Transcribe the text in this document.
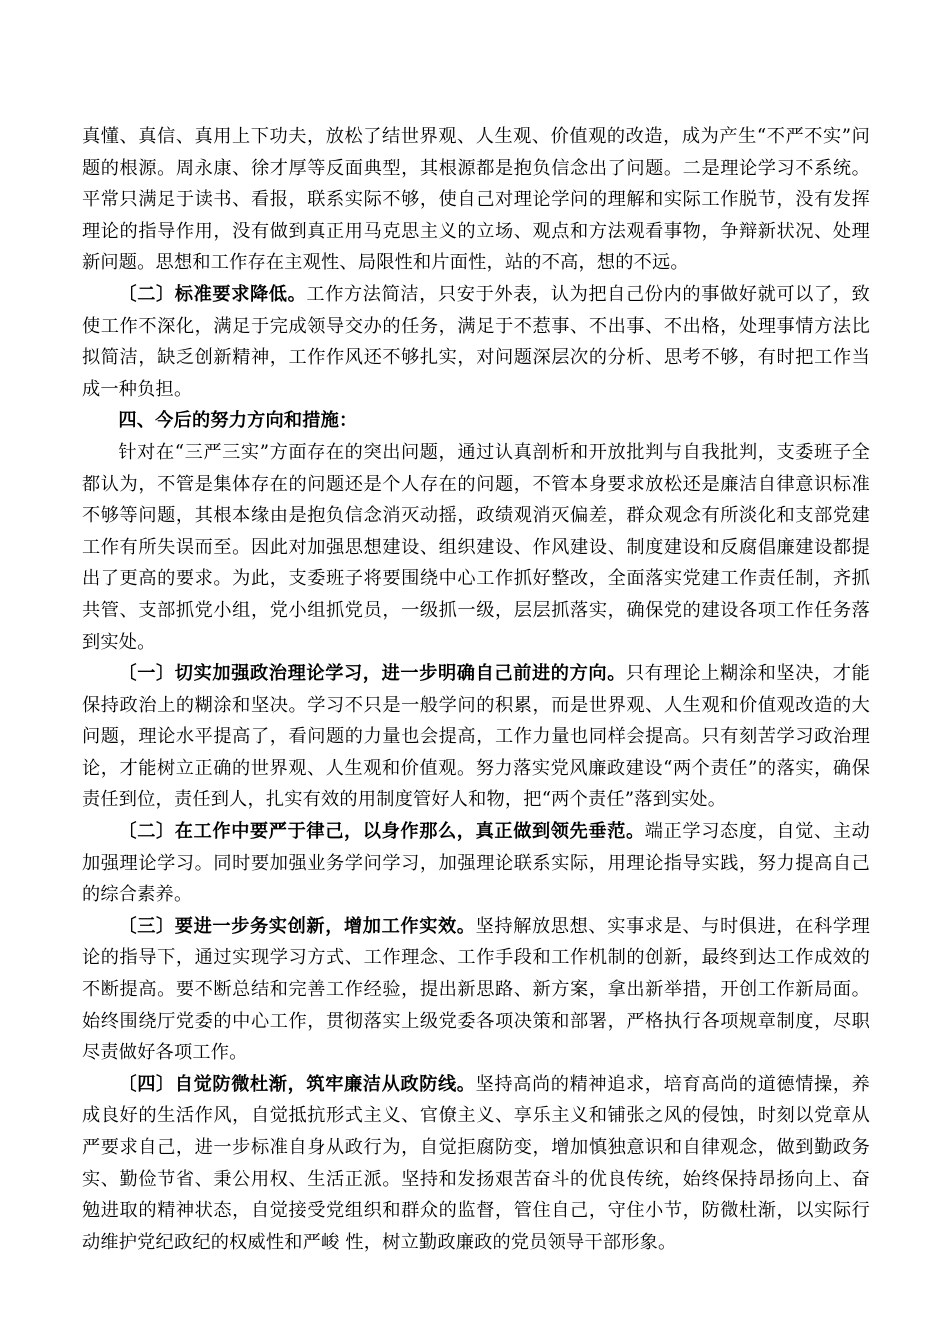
真懂、真信、真用上下功夫，放松了结世界观、人生观、价值观的改造，成为产生“不严不实”问题的根源。周永康、徐才厚等反面典型，其根源都是抱负信念出了问题。二是理论学习不系统。平常只满足于读书、看报，联系实际不够，使自己对理论学问的理解和实际工作脱节，没有发挥理论的指导作用，没有做到真正用马克思主义的立场、观点和方法观看事物，争辩新状况、处理新问题。思想和工作存在主观性、局限性和片面性，站的不高，想的不远。

〔二〕标准要求降低。工作方法简洁，只安于外表，认为把自己份内的事做好就可以了，致使工作不深化，满足于完成领导交办的任务，满足于不惹事、不出事、不出格，处理事情方法比拟简洁，缺乏创新精神，工作作风还不够扎实，对问题深层次的分析、思考不够，有时把工作当成一种负担。

四、今后的努力方向和措施：

针对在“三严三实”方面存在的突出问题，通过认真剖析和开放批判与自我批判，支委班子全都认为，不管是集体存在的问题还是个人存在的问题，不管本身要求放松还是廉洁自律意识标准不够等问题，其根本缘由是抱负信念消灭动摇，政绩观消灭偏差，群众观念有所淡化和支部党建工作有所失误而至。因此对加强思想建设、组织建设、作风建设、制度建设和反腐倡廉建设都提出了更高的要求。为此，支委班子将要围绕中心工作抓好整改，全面落实党建工作责任制，齐抓共管、支部抓党小组，党小组抓党员，一级抓一级，层层抓落实，确保党的建设各项工作任务落到实处。

〔一〕切实加强政治理论学习，进一步明确自己前进的方向。只有理论上糊涂和坚决，才能保持政治上的糊涂和坚决。学习不只是一般学问的积累，而是世界观、人生观和价值观改造的大问题，理论水平提高了，看问题的力量也会提高，工作力量也同样会提高。只有刻苦学习政治理论，才能树立正确的世界观、人生观和价值观。努力落实党风廉政建设“两个责任”的落实，确保责任到位，责任到人，扎实有效的用制度管好人和物，把“两个责任”落到实处。

〔二〕在工作中要严于律己，以身作那么，真正做到领先垂范。端正学习态度，自觉、主动加强理论学习。同时要加强业务学问学习，加强理论联系实际，用理论指导实践，努力提高自己的综合素养。

〔三〕要进一步务实创新，增加工作实效。坚持解放思想、实事求是、与时俱进，在科学理论的指导下，通过实现学习方式、工作理念、工作手段和工作机制的创新，最终到达工作成效的不断提高。要不断总结和完善工作经验，提出新思路、新方案，拿出新举措，开创工作新局面。始终围绕厅党委的中心工作，贯彻落实上级党委各项决策和部署，严格执行各项规章制度，尽职尽责做好各项工作。

〔四〕自觉防微杜渐，筑牢廉洁从政防线。坚持高尚的精神追求，培育高尚的道德情操，养成良好的生活作风，自觉抵抗形式主义、官僚主义、享乐主义和铺张之风的侵蚀，时刻以党章从严要求自己，进一步标准自身从政行为，自觉拒腐防变，增加慎独意识和自律观念，做到勤政务实、勤俭节省、秉公用权、生活正派。坚持和发扬艰苦奋斗的优良传统，始终保持昂扬向上、奋勉进取的精神状态，自觉接受党组织和群众的监督，管住自己，守住小节，防微杜渐，以实际行动维护党纪政纪的权威性和严峻 性，树立勤政廉政的党员领导干部形象。
